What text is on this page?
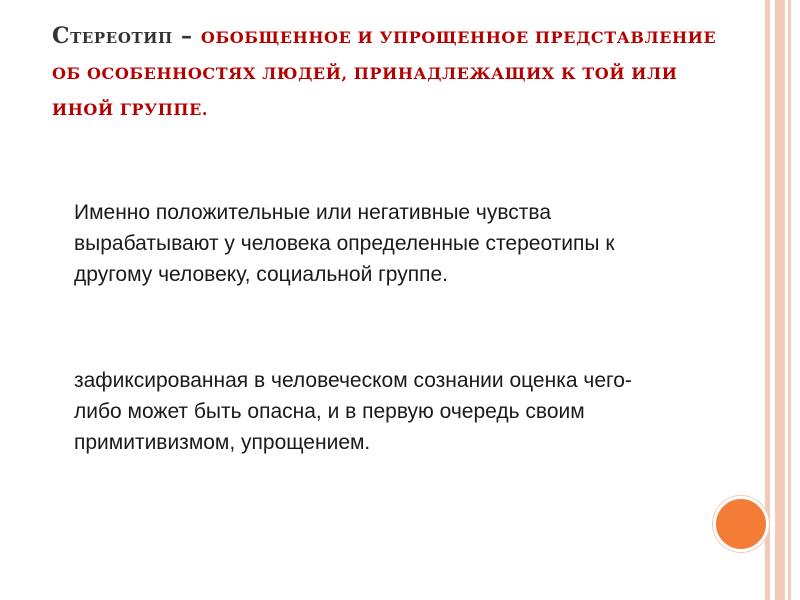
Стереотип – ОБОБЩЕННОЕ И УПРОЩЕННОЕ ПРЕДСТАВЛЕНИЕ ОБ ОСОБЕННОСТЯХ ЛЮДЕЙ, ПРИНАДЛЕЖАЩИХ К ТОЙ ИЛИ ИНОЙ ГРУППЕ.
Именно положительные или негативные чувства вырабатывают у человека определенные стереотипы к другому человеку, социальной группе.
зафиксированная в человеческом сознании оценка чего-либо может быть опасна, и в первую очередь своим примитивизмом, упрощением.
